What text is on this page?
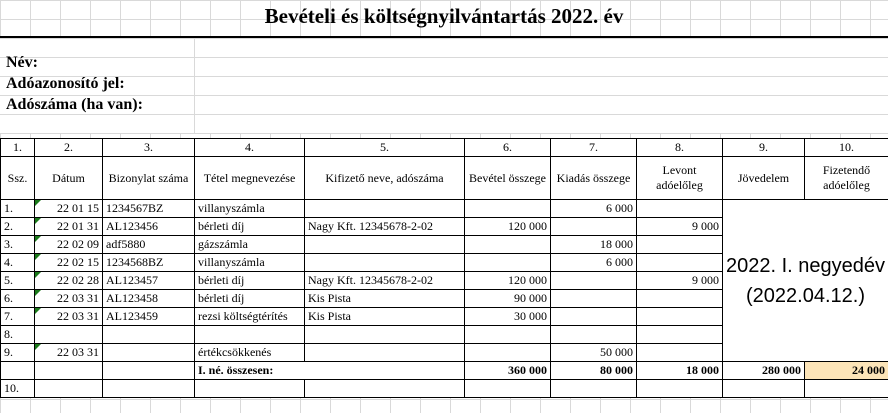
Bevételi és költségnyilvántartás 2022. év
Név:
Adóazonosító jel:
Adószáma (ha van):
1.	2.	3.	4.	5.	6.	7.	8.	9.	10.
Ssz.	Dátum	Bizonylat száma	Tétel megnevezése	Kifizető neve, adószáma	Bevétel összege	Kiadás összege	Levont adóelőleg	Jövedelem	Fizetendő adóelőleg
1.	22 01 15	1234567BZ	villanyszámla			6 000		2022. I. negyedév (2022.04.12.)	
2.	22 01 31	AL123456	bérleti díj	Nagy Kft. 12345678-2-02	120 000		9 000		
3.	22 02 09	adf5880	gázszámla			18 000			
4.	22 02 15	1234568BZ	villanyszámla			6 000			
5.	22 02 28	AL123457	bérleti díj	Nagy Kft. 12345678-2-02	120 000		9 000		
6.	22 03 31	AL123458	bérleti díj	Kis Pista	90 000				
7.	22 03 31	AL123459	rezsi költségtérítés	Kis Pista	30 000				
8.									
9.	22 03 31		értékcsökkenés			50 000			
			I. né. összesen:		360 000	80 000	18 000	280 000	24 000
10.									
